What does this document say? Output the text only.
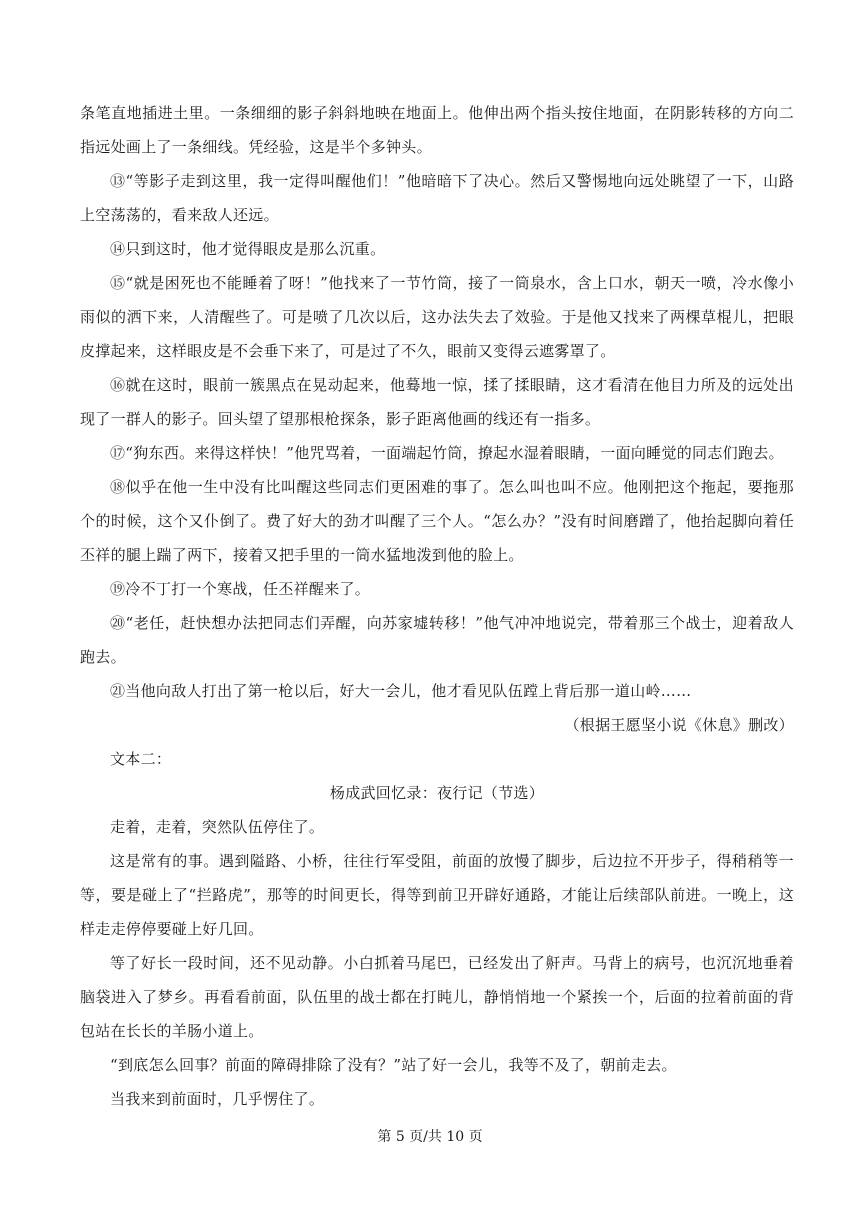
条笔直地插进土里。一条细细的影子斜斜地映在地面上。他伸出两个指头按住地面，在阴影转移的方向二指远处画上了一条细线。凭经验，这是半个多钟头。

⑬“等影子走到这里，我一定得叫醒他们！”他暗暗下了决心。然后又警惕地向远处眺望了一下，山路上空荡荡的，看来敌人还远。

⑭只到这时，他才觉得眼皮是那么沉重。

⑮“就是困死也不能睡着了呀！”他找来了一节竹筒，接了一筒泉水，含上口水，朝天一喷，冷水像小雨似的洒下来，人清醒些了。可是喷了几次以后，这办法失去了效验。于是他又找来了两棵草棍儿，把眼皮撑起来，这样眼皮是不会垂下来了，可是过了不久，眼前又变得云遮雾罩了。

⑯就在这时，眼前一簇黑点在晃动起来，他蓦地一惊，揉了揉眼睛，这才看清在他目力所及的远处出现了一群人的影子。回头望了望那根枪探条，影子距离他画的线还有一指多。

⑰“狗东西。来得这样快！”他咒骂着，一面端起竹筒，撩起水湿着眼睛，一面向睡觉的同志们跑去。

⑱似乎在他一生中没有比叫醒这些同志们更困难的事了。怎么叫也叫不应。他刚把这个拖起，要拖那个的时候，这个又仆倒了。费了好大的劲才叫醒了三个人。“怎么办？”没有时间磨蹭了，他抬起脚向着任丕祥的腿上踹了两下，接着又把手里的一筒水猛地泼到他的脸上。

⑲冷不丁打一个寒战，任丕祥醒来了。

⑳“老任，赶快想办法把同志们弄醒，向苏家墟转移！”他气冲冲地说完，带着那三个战士，迎着敌人跑去。

㉑当他向敌人打出了第一枪以后，好大一会儿，他才看见队伍蹚上背后那一道山岭……

（根据王愿坚小说《休息》删改）

文本二：

杨成武回忆录：夜行记（节选）

走着，走着，突然队伍停住了。

这是常有的事。遇到隘路、小桥，往往行军受阻，前面的放慢了脚步，后边拉不开步子，得稍稍等一等，要是碰上了“拦路虎”，那等的时间更长，得等到前卫开辟好通路，才能让后续部队前进。一晚上，这样走走停停要碰上好几回。

等了好长一段时间，还不见动静。小白抓着马尾巴，已经发出了鼾声。马背上的病号，也沉沉地垂着脑袋进入了梦乡。再看看前面，队伍里的战士都在打盹儿，静悄悄地一个紧挨一个，后面的拉着前面的背包站在长长的羊肠小道上。

“到底怎么回事？前面的障碍排除了没有？”站了好一会儿，我等不及了，朝前走去。

当我来到前面时，几乎愣住了。

第 5 页/共 10 页
